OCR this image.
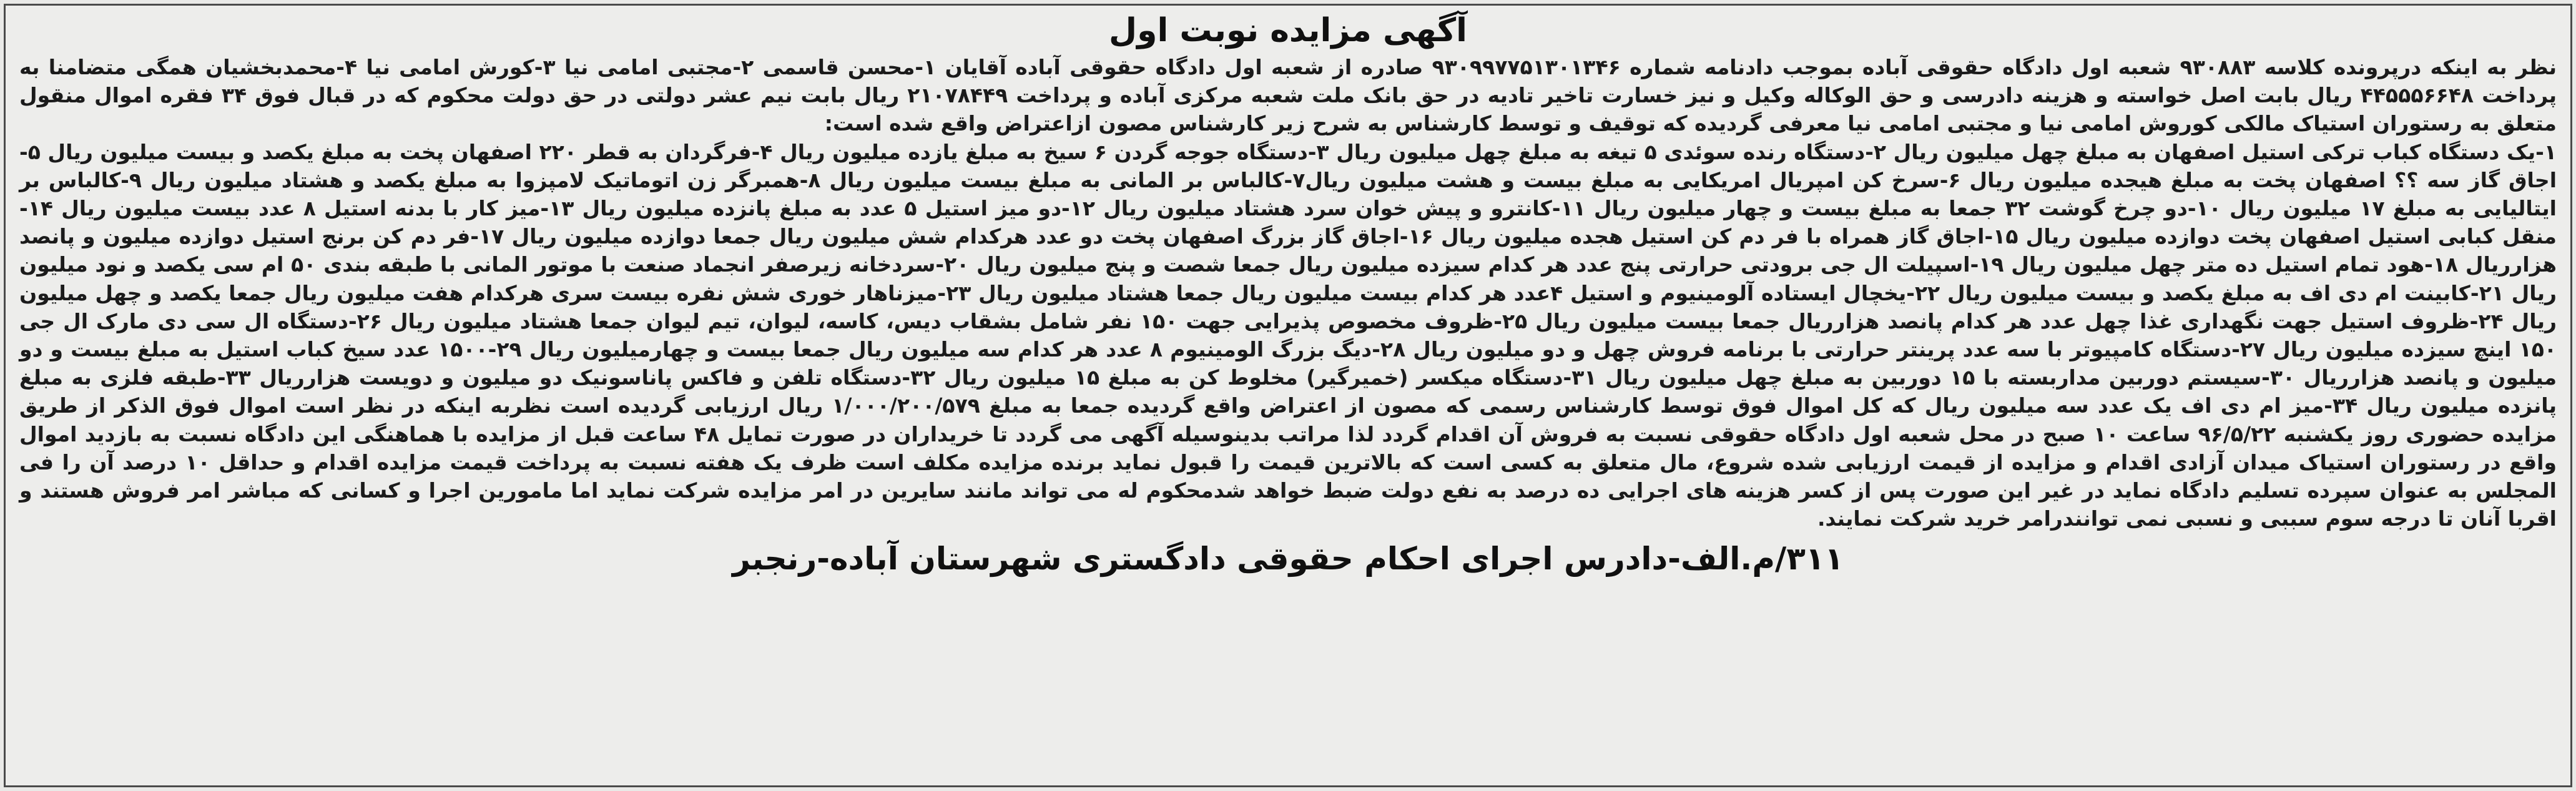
آگهی مزایده نوبت اول

نظر به اینکه درپرونده کلاسه ۹۳۰۸۸۳ شعبه اول دادگاه حقوقی آباده بموجب دادنامه شماره ۹۳۰۹۹۷۷۵۱۳۰۱۳۴۶ صادره از شعبه اول دادگاه حقوقی آباده آقایان ۱-محسن قاسمی ۲-مجتبی امامی نیا ۳-کورش امامی نیا ۴-محمدبخشیان همگی متضامنا به پرداخت ۴۴۵۵۵۶۶۴۸ ریال بابت اصل خواسته و هزینه دادرسی و حق الوکاله وکیل و نیز خسارت تاخیر تادیه در حق بانک ملت شعبه مرکزی آباده و پرداخت ۲۱۰۷۸۴۴۹ ریال بابت نیم عشر دولتی در حق دولت محکوم که در قبال فوق ۳۴ فقره اموال منقول متعلق به رستوران استیاک مالکی کوروش امامی نیا و مجتبی امامی نیا معرفی گردیده که توقیف و توسط کارشناس به شرح زیر کارشناس مصون ازاعتراض واقع شده است:
۱-یک دستگاه کباب ترکی استیل اصفهان به مبلغ چهل میلیون ریال ۲-دستگاه رنده سوئدی ۵ تیغه به مبلغ چهل میلیون ریال ۳-دستگاه جوجه گردن ۶ سیخ به مبلغ یازده میلیون ریال ۴-فرگردان به قطر ۲۲۰ اصفهان پخت به مبلغ یکصد و بیست میلیون ریال ۵-اجاق گاز سه ؟؟ اصفهان پخت به مبلغ هیجده میلیون ریال ۶-سرخ کن امپریال امریکایی به مبلغ بیست و هشت میلیون ریال۷-کالباس بر المانی به مبلغ بیست میلیون ریال ۸-همبرگر زن اتوماتیک لامپزوا به مبلغ یکصد و هشتاد میلیون ریال ۹-کالباس بر ایتالیایی به مبلغ ۱۷ میلیون ریال ۱۰-دو چرخ گوشت ۳۲ جمعا به مبلغ بیست و چهار میلیون ریال ۱۱-کانترو و پیش خوان سرد هشتاد میلیون ریال ۱۲-دو میز استیل ۵ عدد به مبلغ پانزده میلیون ریال ۱۳-میز کار با بدنه استیل ۸ عدد بیست میلیون ریال ۱۴-منقل کبابی استیل اصفهان پخت دوازده میلیون ریال ۱۵-اجاق گاز همراه با فر دم کن استیل هجده میلیون ریال ۱۶-اجاق گاز بزرگ اصفهان پخت دو عدد هرکدام شش میلیون ریال جمعا دوازده میلیون ریال ۱۷-فر دم کن برنج استیل دوازده میلیون و پانصد هزارریال ۱۸-هود تمام استیل ده متر چهل میلیون ریال ۱۹-اسپیلت ال جی برودتی حرارتی پنج عدد هر کدام سیزده میلیون ریال جمعا شصت و پنج میلیون ریال ۲۰-سردخانه زیرصفر انجماد صنعت با موتور المانی با طبقه بندی ۵۰ ام سی یکصد و نود میلیون ریال ۲۱-کابینت ام دی اف به مبلغ یکصد و بیست میلیون ریال ۲۲-یخچال ایستاده آلومینیوم و استیل ۴عدد هر کدام بیست میلیون ریال جمعا هشتاد میلیون ریال ۲۳-میزناهار خوری شش نفره بیست سری هرکدام هفت میلیون ریال جمعا یکصد و چهل میلیون ریال ۲۴-ظروف استیل جهت نگهداری غذا چهل عدد هر کدام پانصد هزارریال جمعا بیست میلیون ریال ۲۵-ظروف مخصوص پذیرایی جهت ۱۵۰ نفر شامل بشقاب دیس، کاسه، لیوان، تیم لیوان جمعا هشتاد میلیون ریال ۲۶-دستگاه ال سی دی مارک ال جی ۱۵۰ اینچ سیزده میلیون ریال ۲۷-دستگاه کامپیوتر با سه عدد پرینتر حرارتی با برنامه فروش چهل و دو میلیون ریال ۲۸-دیگ بزرگ الومینیوم ۸ عدد هر کدام سه میلیون ریال جمعا بیست و چهارمیلیون ریال ۲۹-۱۵۰۰ عدد سیخ کباب استیل به مبلغ بیست و دو میلیون و پانصد هزارریال ۳۰-سیستم دوربین مداربسته با ۱۵ دوربین به مبلغ چهل میلیون ریال ۳۱-دستگاه میکسر (خمیرگیر) مخلوط کن به مبلغ ۱۵ میلیون ریال ۳۲-دستگاه تلفن و فاکس پاناسونیک دو میلیون و دویست هزارریال ۳۳-طبقه فلزی به مبلغ پانزده میلیون ریال ۳۴-میز ام دی اف یک عدد سه میلیون ریال که کل اموال فوق توسط کارشناس رسمی که مصون از اعتراض واقع گردیده جمعا به مبلغ ۱/۰۰۰/۲۰۰/۵۷۹ ریال ارزیابی گردیده است نظربه اینکه در نظر است اموال فوق الذکر از طریق مزایده حضوری روز یکشنبه ۹۶/۵/۲۲ ساعت ۱۰ صبح در محل شعبه اول دادگاه حقوقی نسبت به فروش آن اقدام گردد لذا مراتب بدینوسیله آگهی می گردد تا خریداران در صورت تمایل ۴۸ ساعت قبل از مزایده با هماهنگی این دادگاه نسبت به بازدید اموال واقع در رستوران استیاک میدان آزادی اقدام و مزایده از قیمت ارزیابی شده شروع، مال متعلق به کسی است که بالاترین قیمت را قبول نماید برنده مزایده مکلف است ظرف یک هفته نسبت به پرداخت قیمت مزایده اقدام و حداقل ۱۰ درصد آن را فی المجلس به عنوان سپرده تسلیم دادگاه نماید در غیر این صورت پس از کسر هزینه های اجرایی ده درصد به نفع دولت ضبط خواهد شدمحکوم له می تواند مانند سایرین در امر مزایده شرکت نماید اما مامورین اجرا و کسانی که مباشر امر فروش هستند و اقربا آنان تا درجه سوم سببی و نسبی نمی توانندرامر خرید شرکت نمایند.

۳۱۱/م.الف-دادرس اجرای احکام حقوقی دادگستری شهرستان آباده-رنجبر
